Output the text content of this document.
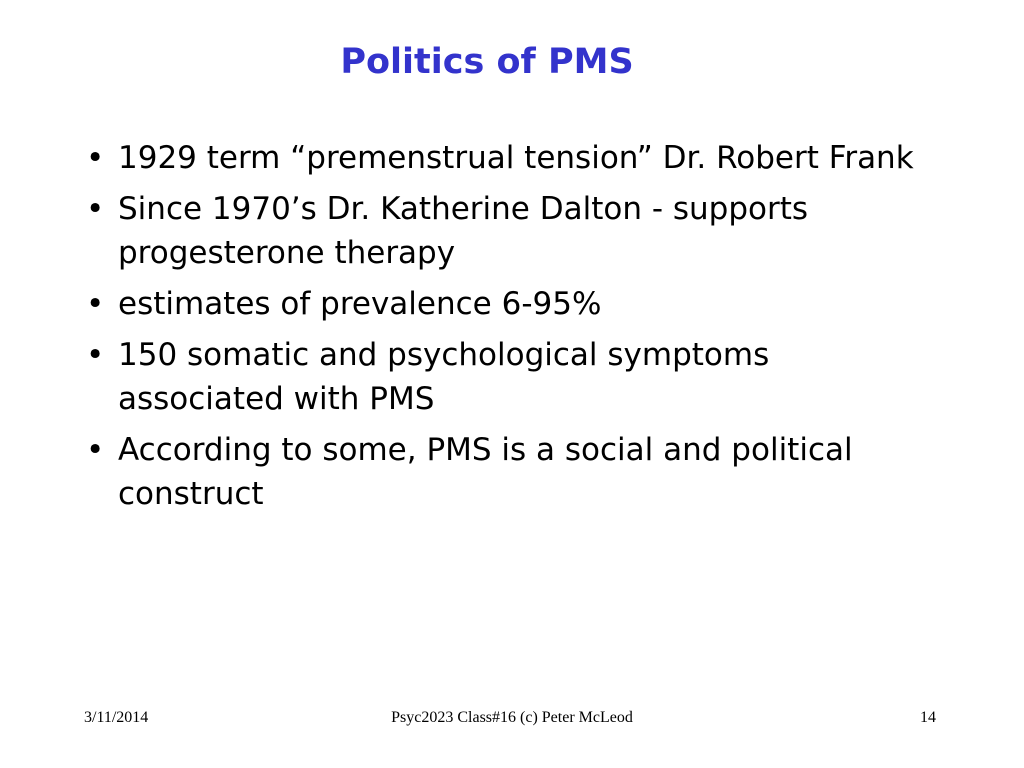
Politics of PMS
• 1929 term “premenstrual tension” Dr. Robert Frank
• Since 1970’s Dr. Katherine Dalton - supports progesterone therapy
• estimates of prevalence 6-95%
• 150 somatic and psychological symptoms associated with PMS
• According to some, PMS is a social and political construct
3/11/2014	Psyc2023 Class#16 (c) Peter McLeod	14
